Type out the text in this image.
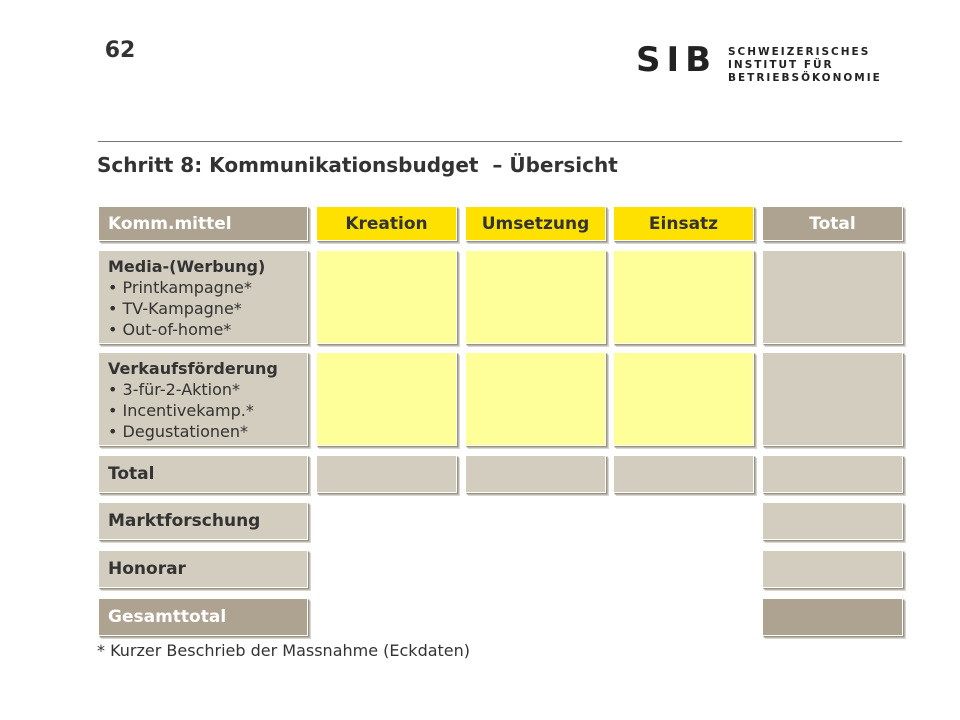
62	SIB SCHWEIZERISCHES
INSTITUT FÜR
BETRIEBSÖKONOMIE
Schritt 8: Kommunikationsbudget  – Übersicht
Komm.mittel	Kreation	Umsetzung	Einsatz	Total
Media-(Werbung)
• Printkampagne*
• TV-Kampagne*
• Out-of-home*
Verkaufsförderung
• 3-für-2-Aktion*
• Incentivekamp.*
• Degustationen*
Total
Marktforschung
Honorar
Gesamttotal
* Kurzer Beschrieb der Massnahme (Eckdaten)
